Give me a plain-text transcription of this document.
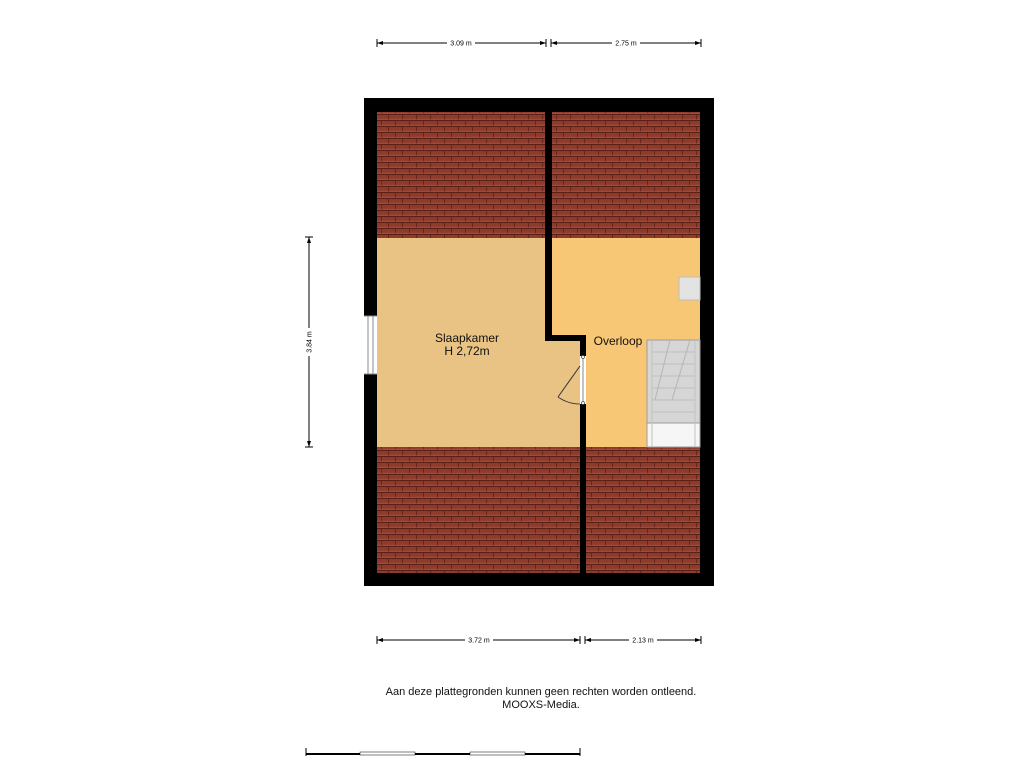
3.09 m	2.75 m
3.84 m
3.72 m	2.13 m
Slaapkamer
H 2,72m
Overloop
Aan deze plattegronden kunnen geen rechten worden ontleend.
MOOXS-Media.
